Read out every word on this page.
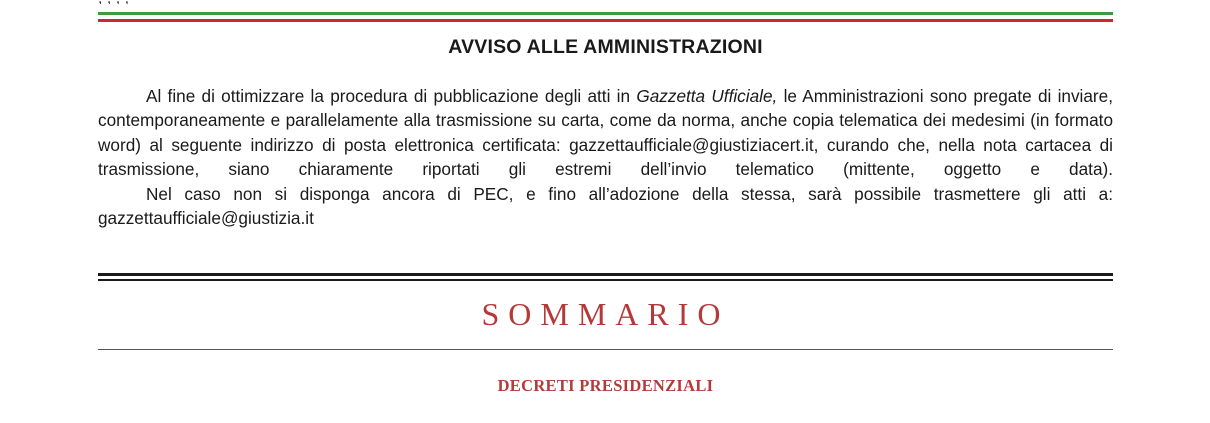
AVVISO ALLE AMMINISTRAZIONI

Al fine di ottimizzare la procedura di pubblicazione degli atti in Gazzetta Ufficiale, le Amministrazioni sono pregate di inviare, contemporaneamente e parallelamente alla trasmissione su carta, come da norma, anche copia telematica dei medesimi (in formato word) al seguente indirizzo di posta elettronica certificata: gazzettaufficiale@giustiziacert.it, curando che, nella nota cartacea di trasmissione, siano chiaramente riportati gli estremi dell’invio telematico (mittente, oggetto e data).

Nel caso non si disponga ancora di PEC, e fino all’adozione della stessa, sarà possibile trasmettere gli atti a: gazzettaufficiale@giustizia.it

SOMMARIO
DECRETI PRESIDENZIALI
